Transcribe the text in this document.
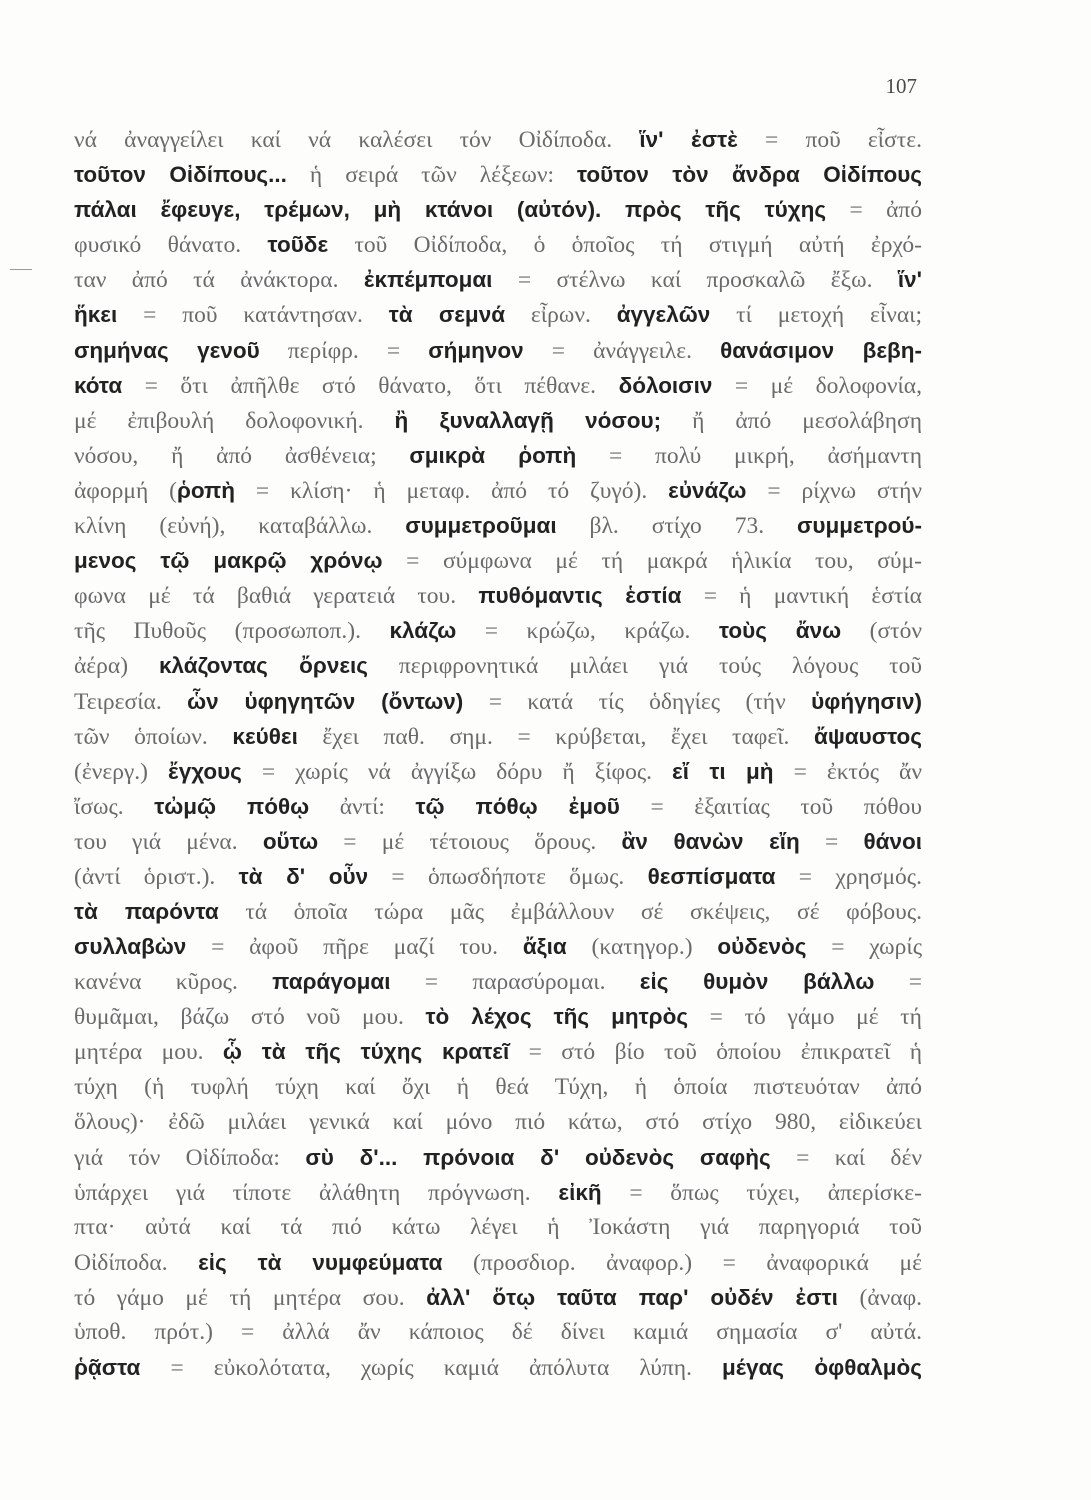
107
νά ἀναγγείλει καί νά καλέσει τόν Οἰδίποδα. ἵν' ἐστὲ = ποῦ εἶστε.
τοῦτον Οἰδίπους... ἡ σειρά τῶν λέξεων: τοῦτον τὸν ἄνδρα Οἰδίπους
πάλαι ἔφευγε, τρέμων, μὴ κτάνοι (αὐτόν). πρὸς τῆς τύχης = ἀπό
φυσικό θάνατο. τοῦδε τοῦ Οἰδίποδα, ὁ ὁποῖος τή στιγμή αὐτή ἐρχό-
ταν ἀπό τά ἀνάκτορα. ἐκπέμπομαι = στέλνω καί προσκαλῶ ἔξω. ἵν'
ἥκει = ποῦ κατάντησαν. τὰ σεμνά εἶρων. ἀγγελῶν τί μετοχή εἶναι;
σημήνας γενοῦ περίφρ. = σήμηνον = ἀνάγγειλε. θανάσιμον βεβη-
κότα = ὅτι ἀπῆλθε στό θάνατο, ὅτι πέθανε. δόλοισιν = μέ δολοφονία,
μέ ἐπιβουλή δολοφονική. ἢ ξυναλλαγῇ νόσου; ἤ ἀπό μεσολάβηση
νόσου, ἤ ἀπό ἀσθένεια; σμικρὰ ῥοπὴ = πολύ μικρή, ἀσήμαντη
ἀφορμή (ῥοπὴ = κλίση· ἡ μεταφ. ἀπό τό ζυγό). εὐνάζω = ρίχνω στήν
κλίνη (εὐνή), καταβάλλω. συμμετροῦμαι βλ. στίχο 73. συμμετρού-
μενος τῷ μακρῷ χρόνῳ = σύμφωνα μέ τή μακρά ἡλικία του, σύμ-
φωνα μέ τά βαθιά γερατειά του. πυθόμαντις ἑστία = ἡ μαντική ἑστία
τῆς Πυθοῦς (προσωποπ.). κλάζω = κρώζω, κράζω. τοὺς ἄνω (στόν
ἀέρα) κλάζοντας ὄρνεις περιφρονητικά μιλάει γιά τούς λόγους τοῦ
Τειρεσία. ὧν ὑφηγητῶν (ὄντων) = κατά τίς ὁδηγίες (τήν ὑφήγησιν)
τῶν ὁποίων. κεύθει ἔχει παθ. σημ. = κρύβεται, ἔχει ταφεῖ. ἄψαυστος
(ἐνεργ.) ἔγχους = χωρίς νά ἀγγίξω δόρυ ἤ ξίφος. εἴ τι μὴ = ἐκτός ἄν
ἴσως. τὠμῷ πόθῳ ἀντί: τῷ πόθῳ ἐμοῦ = ἐξαιτίας τοῦ πόθου
του γιά μένα. οὕτω = μέ τέτοιους ὅρους. ἂν θανὼν εἴη = θάνοι
(ἀντί ὁριστ.). τὰ δ' οὖν = ὁπωσδήποτε ὅμως. θεσπίσματα = χρησμός.
τὰ παρόντα τά ὁποῖα τώρα μᾶς ἐμβάλλουν σέ σκέψεις, σέ φόβους.
συλλαβὼν = ἀφοῦ πῆρε μαζί του. ἄξια (κατηγορ.) οὐδενὸς = χωρίς
κανένα κῦρος. παράγομαι = παρασύρομαι. εἰς θυμὸν βάλλω =
θυμᾶμαι, βάζω στό νοῦ μου. τὸ λέχος τῆς μητρὸς = τό γάμο μέ τή
μητέρα μου. ᾧ τὰ τῆς τύχης κρατεῖ = στό βίο τοῦ ὁποίου ἐπικρατεῖ ἡ
τύχη (ἡ τυφλή τύχη καί ὄχι ἡ θεά Τύχη, ἡ ὁποία πιστευόταν ἀπό
ὅλους)· ἐδῶ μιλάει γενικά καί μόνο πιό κάτω, στό στίχο 980, εἰδικεύει
γιά τόν Οἰδίποδα: σὺ δ'... πρόνοια δ' οὐδενὸς σαφὴς = καί δέν
ὑπάρχει γιά τίποτε ἀλάθητη πρόγνωση. εἰκῆ = ὅπως τύχει, ἀπερίσκε-
πτα· αὐτά καί τά πιό κάτω λέγει ἡ Ἰοκάστη γιά παρηγοριά τοῦ
Οἰδίποδα. εἰς τὰ νυμφεύματα (προσδιορ. ἀναφορ.) = ἀναφορικά μέ
τό γάμο μέ τή μητέρα σου. ἀλλ' ὅτῳ ταῦτα παρ' οὐδέν ἐστι (ἀναφ.
ὑποθ. πρότ.) = ἀλλά ἄν κάποιος δέ δίνει καμιά σημασία σ' αὐτά.
ῥᾷστα = εὐκολότατα, χωρίς καμιά ἀπόλυτα λύπη. μέγας ὀφθαλμὸς
